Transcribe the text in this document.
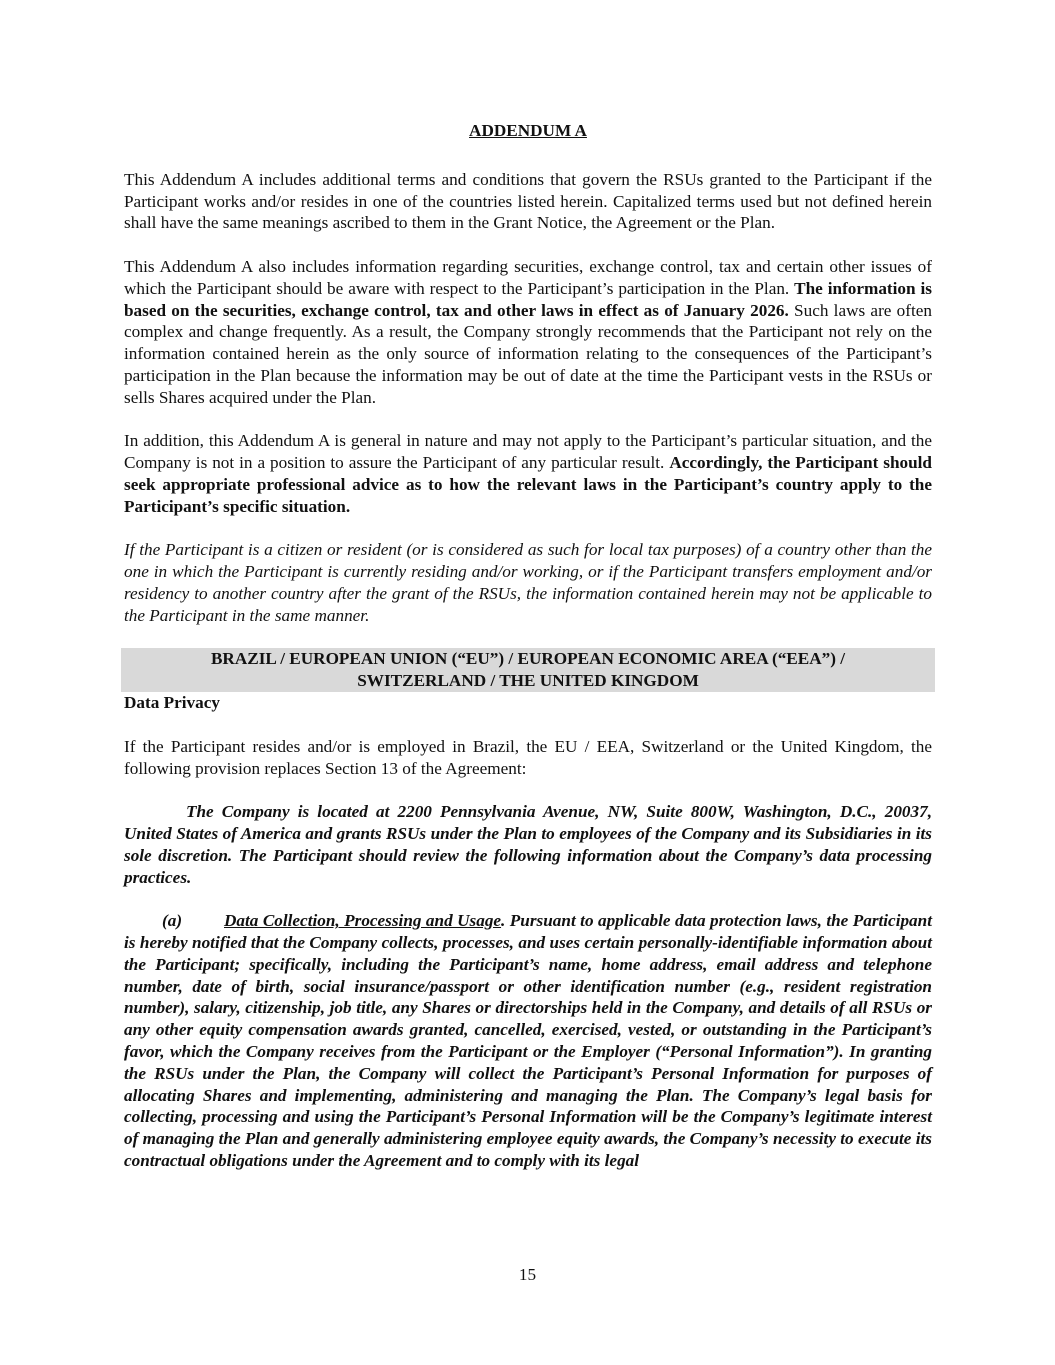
ADDENDUM A

This Addendum A includes additional terms and conditions that govern the RSUs granted to the Participant if the Participant works and/or resides in one of the countries listed herein. Capitalized terms used but not defined herein shall have the same meanings ascribed to them in the Grant Notice, the Agreement or the Plan.

This Addendum A also includes information regarding securities, exchange control, tax and certain other issues of which the Participant should be aware with respect to the Participant’s participation in the Plan. The information is based on the securities, exchange control, tax and other laws in effect as of January 2026. Such laws are often complex and change frequently. As a result, the Company strongly recommends that the Participant not rely on the information contained herein as the only source of information relating to the consequences of the Participant’s participation in the Plan because the information may be out of date at the time the Participant vests in the RSUs or sells Shares acquired under the Plan.

In addition, this Addendum A is general in nature and may not apply to the Participant’s particular situation, and the Company is not in a position to assure the Participant of any particular result. Accordingly, the Participant should seek appropriate professional advice as to how the relevant laws in the Participant’s country apply to the Participant’s specific situation.

If the Participant is a citizen or resident (or is considered as such for local tax purposes) of a country other than the one in which the Participant is currently residing and/or working, or if the Participant transfers employment and/or residency to another country after the grant of the RSUs, the information contained herein may not be applicable to the Participant in the same manner.

BRAZIL / EUROPEAN UNION (“EU”) / EUROPEAN ECONOMIC AREA (“EEA”) /
SWITZERLAND / THE UNITED KINGDOM

Data Privacy

If the Participant resides and/or is employed in Brazil, the EU / EEA, Switzerland or the United Kingdom, the following provision replaces Section 13 of the Agreement:

The Company is located at 2200 Pennsylvania Avenue, NW, Suite 800W, Washington, D.C., 20037, United States of America and grants RSUs under the Plan to employees of the Company and its Subsidiaries in its sole discretion. The Participant should review the following information about the Company’s data processing practices.

(a) Data Collection, Processing and Usage. Pursuant to applicable data protection laws, the Participant is hereby notified that the Company collects, processes, and uses certain personally-identifiable information about the Participant; specifically, including the Participant’s name, home address, email address and telephone number, date of birth, social insurance/passport or other identification number (e.g., resident registration number), salary, citizenship, job title, any Shares or directorships held in the Company, and details of all RSUs or any other equity compensation awards granted, cancelled, exercised, vested, or outstanding in the Participant’s favor, which the Company receives from the Participant or the Employer (“Personal Information”). In granting the RSUs under the Plan, the Company will collect the Participant’s Personal Information for purposes of allocating Shares and implementing, administering and managing the Plan. The Company’s legal basis for collecting, processing and using the Participant’s Personal Information will be the Company’s legitimate interest of managing the Plan and generally administering employee equity awards, the Company’s necessity to execute its contractual obligations under the Agreement and to comply with its legal

15
